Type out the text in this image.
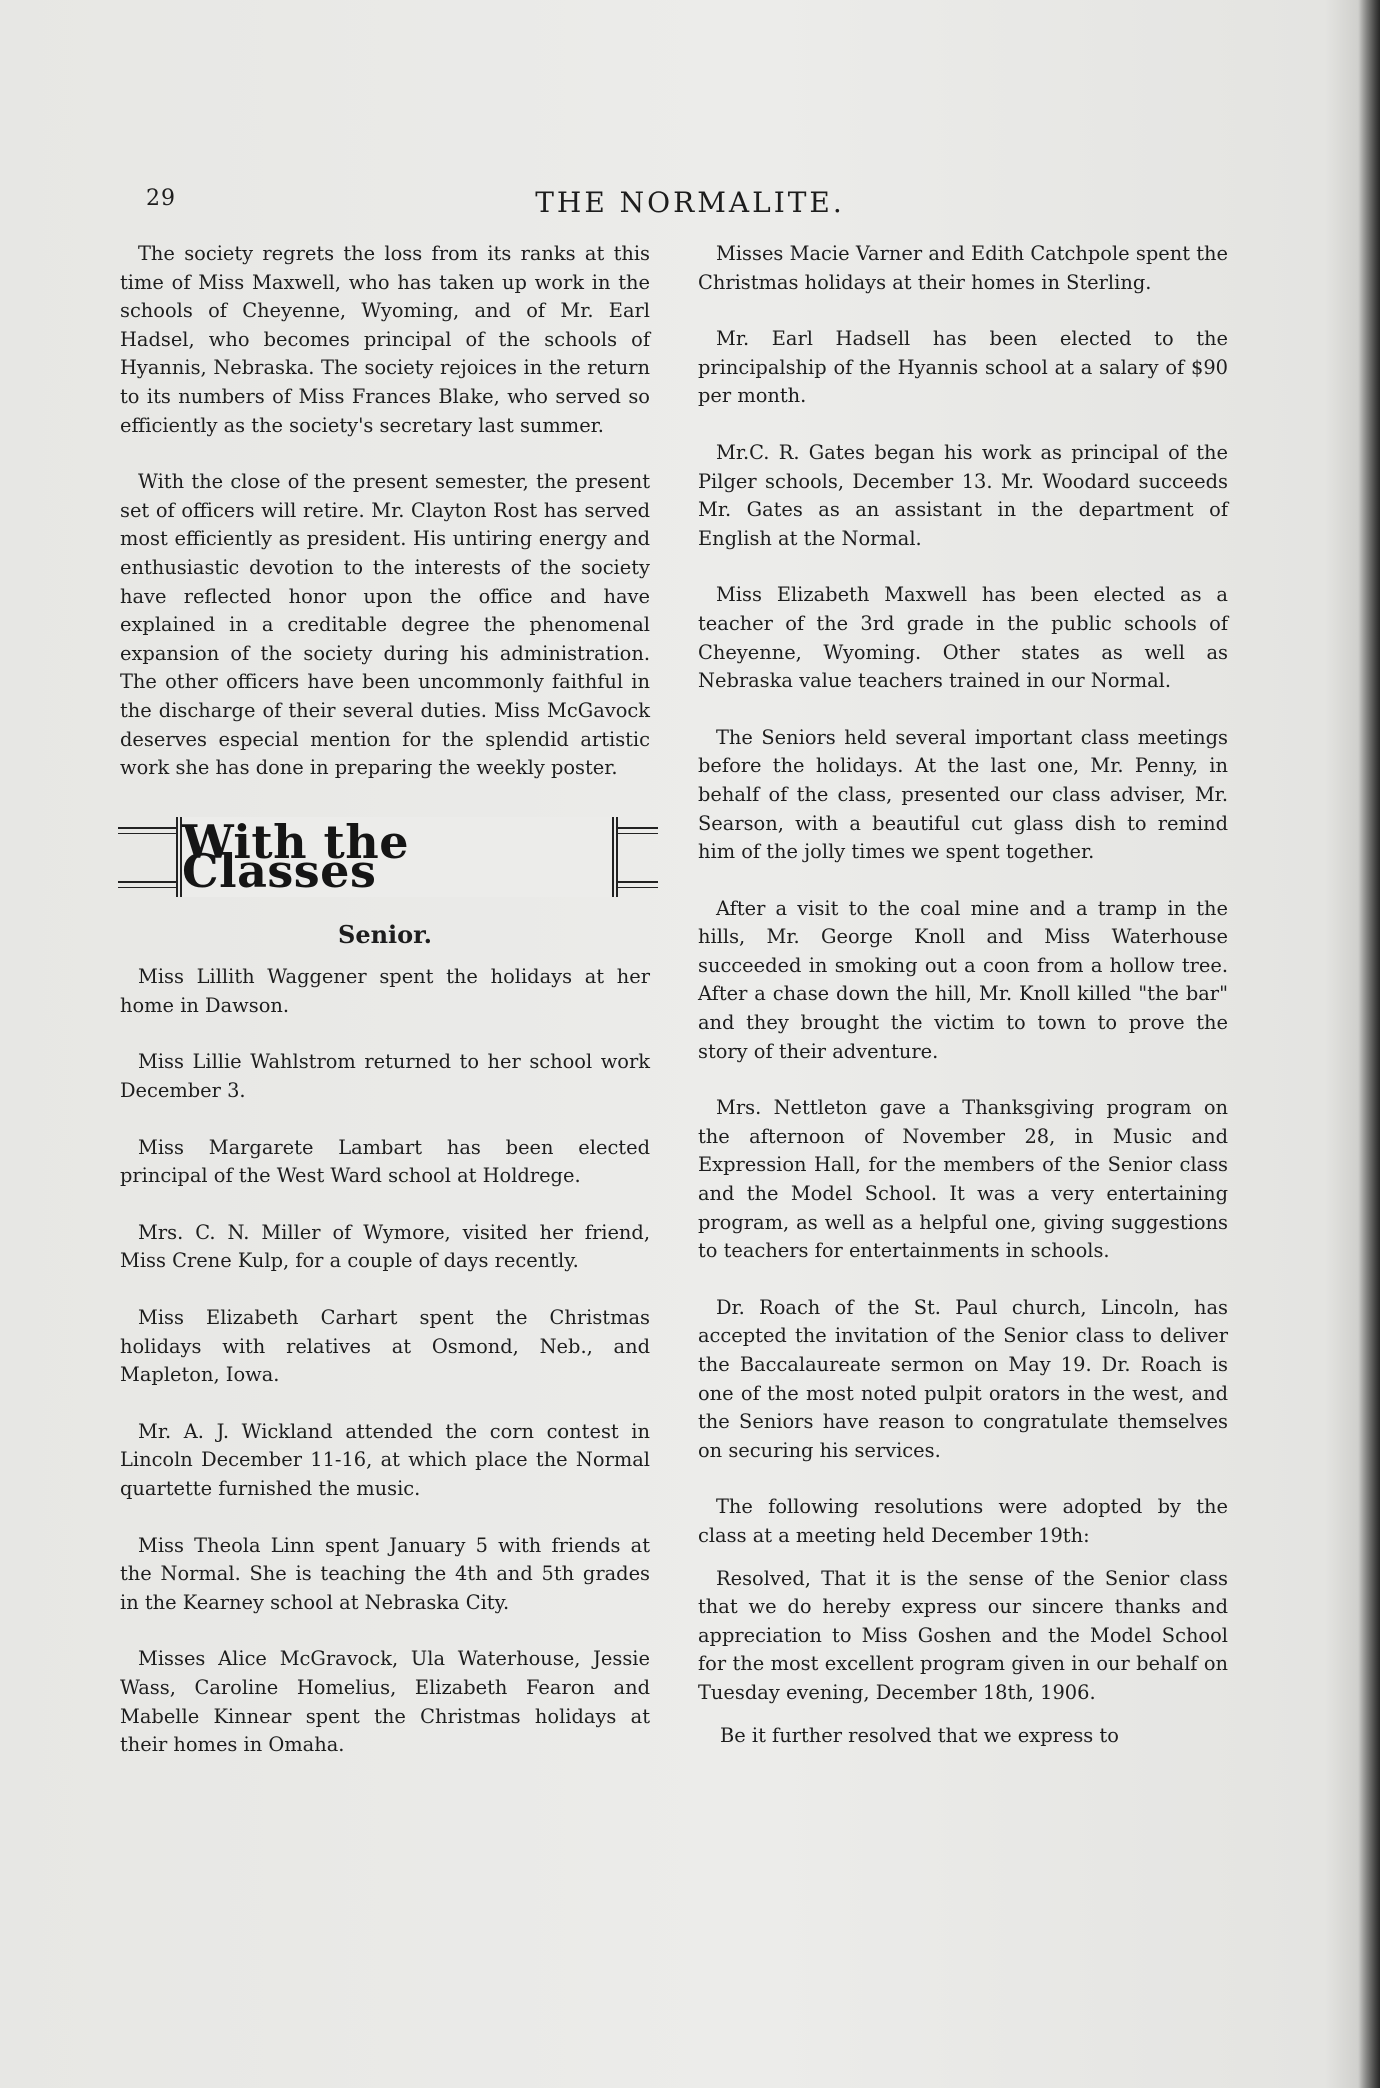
29	THE NORMALITE.

The society regrets the loss from its ranks at this time of Miss Maxwell, who has taken up work in the schools of Cheyenne, Wyoming, and of Mr. Earl Hadsel, who becomes principal of the schools of Hyannis, Nebraska. The society rejoices in the return to its numbers of Miss Frances Blake, who served so efficiently as the society's secretary last summer.

With the close of the present semester, the present set of officers will retire. Mr. Clayton Rost has served most efficiently as president. His untiring energy and enthusiastic devotion to the interests of the society have reflected honor upon the office and have explained in a creditable degree the phenomenal expansion of the society during his administration. The other officers have been uncommonly faithful in the discharge of their several duties. Miss McGavock deserves especial mention for the splendid artistic work she has done in preparing the weekly poster.

With the Classes
Senior.

Miss Lillith Waggener spent the holidays at her home in Dawson.

Miss Lillie Wahlstrom returned to her school work December 3.

Miss Margarete Lambart has been elected principal of the West Ward school at Holdrege.

Mrs. C. N. Miller of Wymore, visited her friend, Miss Crene Kulp, for a couple of days recently.

Miss Elizabeth Carhart spent the Christmas holidays with relatives at Osmond, Neb., and Mapleton, Iowa.

Mr. A. J. Wickland attended the corn contest in Lincoln December 11-16, at which place the Normal quartette furnished the music.

Miss Theola Linn spent January 5 with friends at the Normal. She is teaching the 4th and 5th grades in the Kearney school at Nebraska City.

Misses Alice McGravock, Ula Waterhouse, Jessie Wass, Caroline Homelius, Elizabeth Fearon and Mabelle Kinnear spent the Christmas holidays at their homes in Omaha.

Misses Macie Varner and Edith Catchpole spent the Christmas holidays at their homes in Sterling.

Mr. Earl Hadsell has been elected to the principalship of the Hyannis school at a salary of $90 per month.

Mr.C. R. Gates began his work as principal of the Pilger schools, December 13. Mr. Woodard succeeds Mr. Gates as an assistant in the department of English at the Normal.

Miss Elizabeth Maxwell has been elected as a teacher of the 3rd grade in the public schools of Cheyenne, Wyoming. Other states as well as Nebraska value teachers trained in our Normal.

The Seniors held several important class meetings before the holidays. At the last one, Mr. Penny, in behalf of the class, presented our class adviser, Mr. Searson, with a beautiful cut glass dish to remind him of the jolly times we spent together.

After a visit to the coal mine and a tramp in the hills, Mr. George Knoll and Miss Waterhouse succeeded in smoking out a coon from a hollow tree. After a chase down the hill, Mr. Knoll killed "the bar" and they brought the victim to town to prove the story of their adventure.

Mrs. Nettleton gave a Thanksgiving program on the afternoon of November 28, in Music and Expression Hall, for the members of the Senior class and the Model School. It was a very entertaining program, as well as a helpful one, giving suggestions to teachers for entertainments in schools.

Dr. Roach of the St. Paul church, Lincoln, has accepted the invitation of the Senior class to deliver the Baccalaureate sermon on May 19. Dr. Roach is one of the most noted pulpit orators in the west, and the Seniors have reason to congratulate themselves on securing his services.

The following resolutions were adopted by the class at a meeting held December 19th:

Resolved, That it is the sense of the Senior class that we do hereby express our sincere thanks and appreciation to Miss Goshen and the Model School for the most excellent program given in our behalf on Tuesday evening, December 18th, 1906.

Be it further resolved that we express to
